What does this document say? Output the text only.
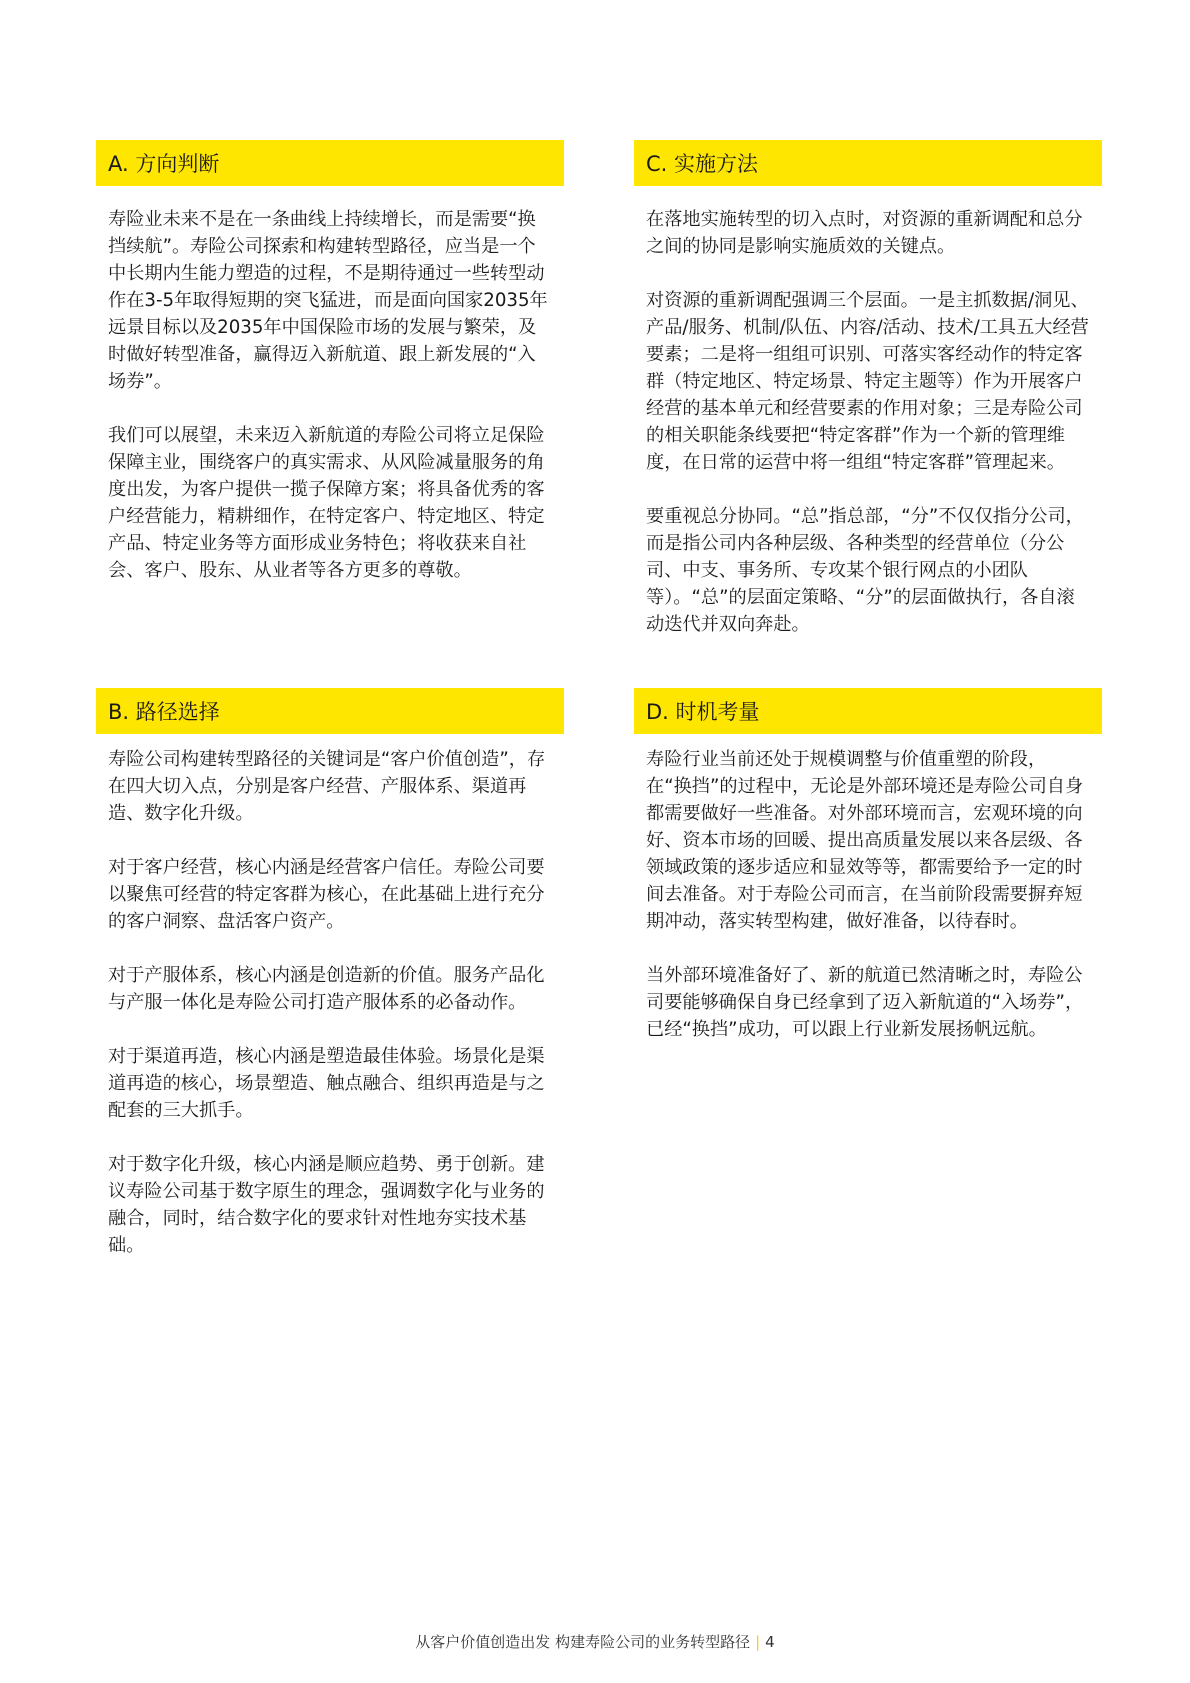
A. 方向判断

寿险业未来不是在一条曲线上持续增长，而是需要“换挡续航”。寿险公司探索和构建转型路径，应当是一个中长期内生能力塑造的过程，不是期待通过一些转型动作在3-5年取得短期的突飞猛进，而是面向国家2035年远景目标以及2035年中国保险市场的发展与繁荣，及时做好转型准备，赢得迈入新航道、跟上新发展的“入场券”。

我们可以展望，未来迈入新航道的寿险公司将立足保险保障主业，围绕客户的真实需求、从风险减量服务的角度出发，为客户提供一揽子保障方案；将具备优秀的客户经营能力，精耕细作，在特定客户、特定地区、特定产品、特定业务等方面形成业务特色；将收获来自社会、客户、股东、从业者等各方更多的尊敬。

B. 路径选择

寿险公司构建转型路径的关键词是“客户价值创造”，存在四大切入点，分别是客户经营、产服体系、渠道再造、数字化升级。

对于客户经营，核心内涵是经营客户信任。寿险公司要以聚焦可经营的特定客群为核心，在此基础上进行充分的客户洞察、盘活客户资产。

对于产服体系，核心内涵是创造新的价值。服务产品化与产服一体化是寿险公司打造产服体系的必备动作。

对于渠道再造，核心内涵是塑造最佳体验。场景化是渠道再造的核心，场景塑造、触点融合、组织再造是与之配套的三大抓手。

对于数字化升级，核心内涵是顺应趋势、勇于创新。建议寿险公司基于数字原生的理念，强调数字化与业务的融合，同时，结合数字化的要求针对性地夯实技术基础。

C. 实施方法

在落地实施转型的切入点时，对资源的重新调配和总分之间的协同是影响实施质效的关键点。

对资源的重新调配强调三个层面。一是主抓数据/洞见、产品/服务、机制/队伍、内容/活动、技术/工具五大经营要素；二是将一组组可识别、可落实客经动作的特定客群（特定地区、特定场景、特定主题等）作为开展客户经营的基本单元和经营要素的作用对象；三是寿险公司的相关职能条线要把“特定客群”作为一个新的管理维度，在日常的运营中将一组组“特定客群”管理起来。

要重视总分协同。“总”指总部，“分”不仅仅指分公司，而是指公司内各种层级、各种类型的经营单位（分公司、中支、事务所、专攻某个银行网点的小团队等）。“总”的层面定策略、“分”的层面做执行，各自滚动迭代并双向奔赴。

D. 时机考量

寿险行业当前还处于规模调整与价值重塑的阶段，在“换挡”的过程中，无论是外部环境还是寿险公司自身都需要做好一些准备。对外部环境而言，宏观环境的向好、资本市场的回暖、提出高质量发展以来各层级、各领域政策的逐步适应和显效等等，都需要给予一定的时间去准备。对于寿险公司而言，在当前阶段需要摒弃短期冲动，落实转型构建，做好准备，以待春时。

当外部环境准备好了、新的航道已然清晰之时，寿险公司要能够确保自身已经拿到了迈入新航道的“入场券”，已经“换挡”成功，可以跟上行业新发展扬帆远航。

从客户价值创造出发 构建寿险公司的业务转型路径 | 4
